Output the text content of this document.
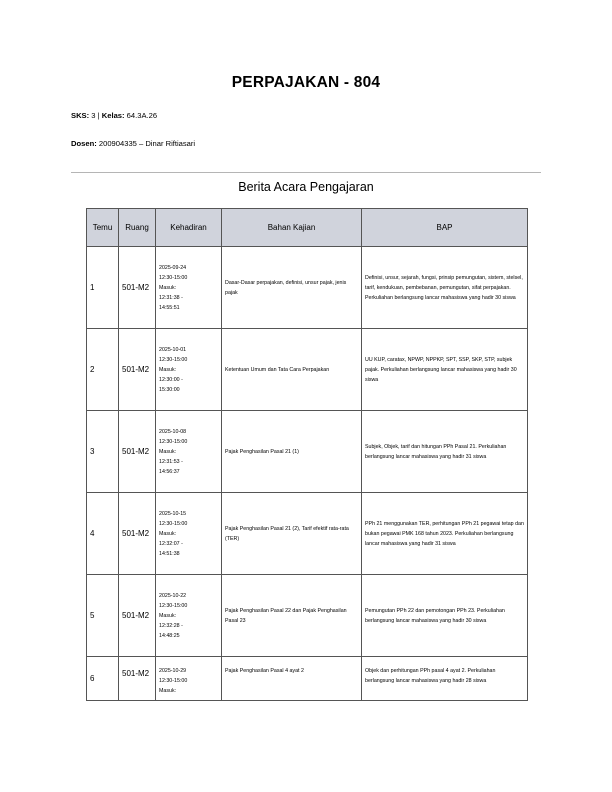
PERPAJAKAN - 804
SKS: 3 | Kelas: 64.3A.26
Dosen: 200904335 – Dinar Riftiasari
Berita Acara Pengajaran
Temu	Ruang	Kehadiran	Bahan Kajian	BAP
1	501-M2	2025-09-24
12:30-15:00
Masuk:
12:31:38 -
14:55:51	Dasar-Dasar perpajakan, definisi, unsur pajak, jenis pajak	Definisi, unsur, sejarah, fungsi, prinsip pemungutan, sistem, stelsel, tarif, kendukuan, pembebanan, pemungutan, sifat perpajakan. Perkuliahan berlangsung lancar mahasiswa yang hadir 30 siswa
2	501-M2	2025-10-01
12:30-15:00
Masuk:
12:30:00 -
15:30:00	Ketentuan Umum dan Tata Cara Perpajakan	UU KUP, caratax, NPWP, NPPKP, SPT, SSP, SKP, STP, subjek pajak. Perkuliahan berlangsung lancar mahasiswa yang hadir 30 siswa
3	501-M2	2025-10-08
12:30-15:00
Masuk:
12:31:53 -
14:56:37	Pajak Penghasilan Pasal 21 (1)	Subjek, Objek, tarif dan hitungan PPh Pasal 21. Perkuliahan berlangsung lancar mahasiswa yang hadir 31 siswa
4	501-M2	2025-10-15
12:30-15:00
Masuk:
12:32:07 -
14:51:38	Pajak Penghasilan Pasal 21 (2), Tarif efektif rata-rata (TER)	PPh 21 menggunakan TER, perhitungan PPh 21 pegawai tetap dan bukan pegawai PMK 168 tahun 2023. Perkuliahan berlangsung lancar mahasiswa yang hadir 31 siswa
5	501-M2	2025-10-22
12:30-15:00
Masuk:
12:32:28 -
14:48:25	Pajak Penghasilan Pasal 22 dan Pajak Penghasilan Pasal 23	Pemungutan PPh 22 dan pemotongan PPh 23. Perkuliahan berlangsung lancar mahasiswa yang hadir 30 siswa
6	501-M2	2025-10-29
12:30-15:00
Masuk:	Pajak Penghasilan Pasal 4 ayat 2	Objek dan perhitungan PPh pasal 4 ayat 2. Perkuliahan berlangsung lancar mahasiswa yang hadir 28 siswa
